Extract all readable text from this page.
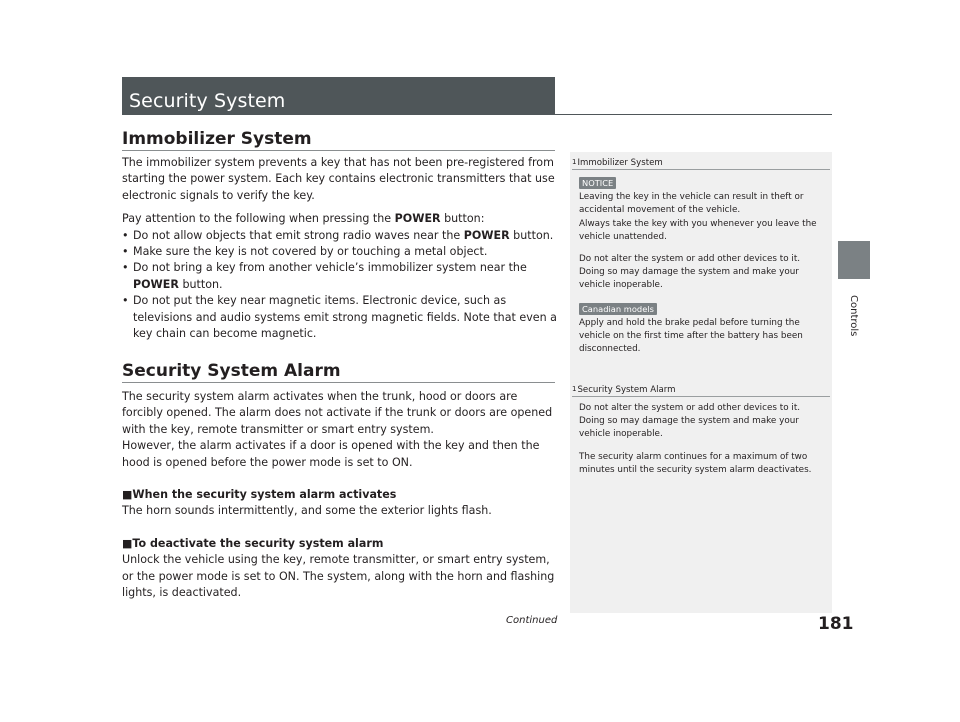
Security System
Controls
Immobilizer System

The immobilizer system prevents a key that has not been pre-registered from starting the power system. Each key contains electronic transmitters that use electronic signals to verify the key.

Pay attention to the following when pressing the POWER button:

• Do not allow objects that emit strong radio waves near the POWER button.
• Make sure the key is not covered by or touching a metal object.
• Do not bring a key from another vehicle’s immobilizer system near the POWER button.
• Do not put the key near magnetic items. Electronic device, such as televisions and audio systems emit strong magnetic fields. Note that even a key chain can become magnetic.
Security System Alarm

The security system alarm activates when the trunk, hood or doors are forcibly opened. The alarm does not activate if the trunk or doors are opened with the key, remote transmitter or smart entry system.

However, the alarm activates if a door is opened with the key and then the hood is opened before the power mode is set to ON.

■When the security system alarm activates

The horn sounds intermittently, and some the exterior lights flash.

■To deactivate the security system alarm

Unlock the vehicle using the key, remote transmitter, or smart entry system, or the power mode is set to ON. The system, along with the horn and flashing lights, is deactivated.

1Immobilizer System
NOTICE

Leaving the key in the vehicle can result in theft or accidental movement of the vehicle.

Always take the key with you whenever you leave the vehicle unattended.

Do not alter the system or add other devices to it. Doing so may damage the system and make your vehicle inoperable.

Canadian models

Apply and hold the brake pedal before turning the vehicle on the first time after the battery has been disconnected.

1Security System Alarm

Do not alter the system or add other devices to it. Doing so may damage the system and make your vehicle inoperable.

The security alarm continues for a maximum of two minutes until the security system alarm deactivates.

Continued	181
